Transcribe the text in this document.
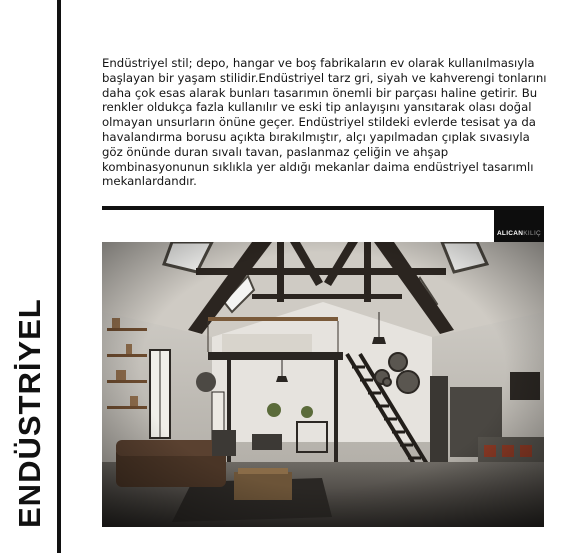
ENDÜSTRİYEL

Endüstriyel stil; depo, hangar ve boş fabrikaların ev olarak kullanılmasıyla başlayan bir yaşam stilidir.Endüstriyel tarz gri, siyah ve kahverengi tonlarını daha çok esas alarak bunları tasarımın önemli bir parçası haline getirir. Bu renkler oldukça fazla kullanılır ve eski tip anlayışını yansıtarak olası doğal olmayan unsurların önüne geçer. Endüstriyel stildeki evlerde tesisat ya da havalandırma borusu açıkta bırakılmıştır, alçı yapılmadan çıplak sıvasıyla göz önünde duran sıvalı tavan, paslanmaz çeliğin ve ahşap kombinasyonunun sıklıkla yer aldığı mekanlar daima endüstriyel tasarımlı mekanlardandır.

ALICAN KILIÇ
